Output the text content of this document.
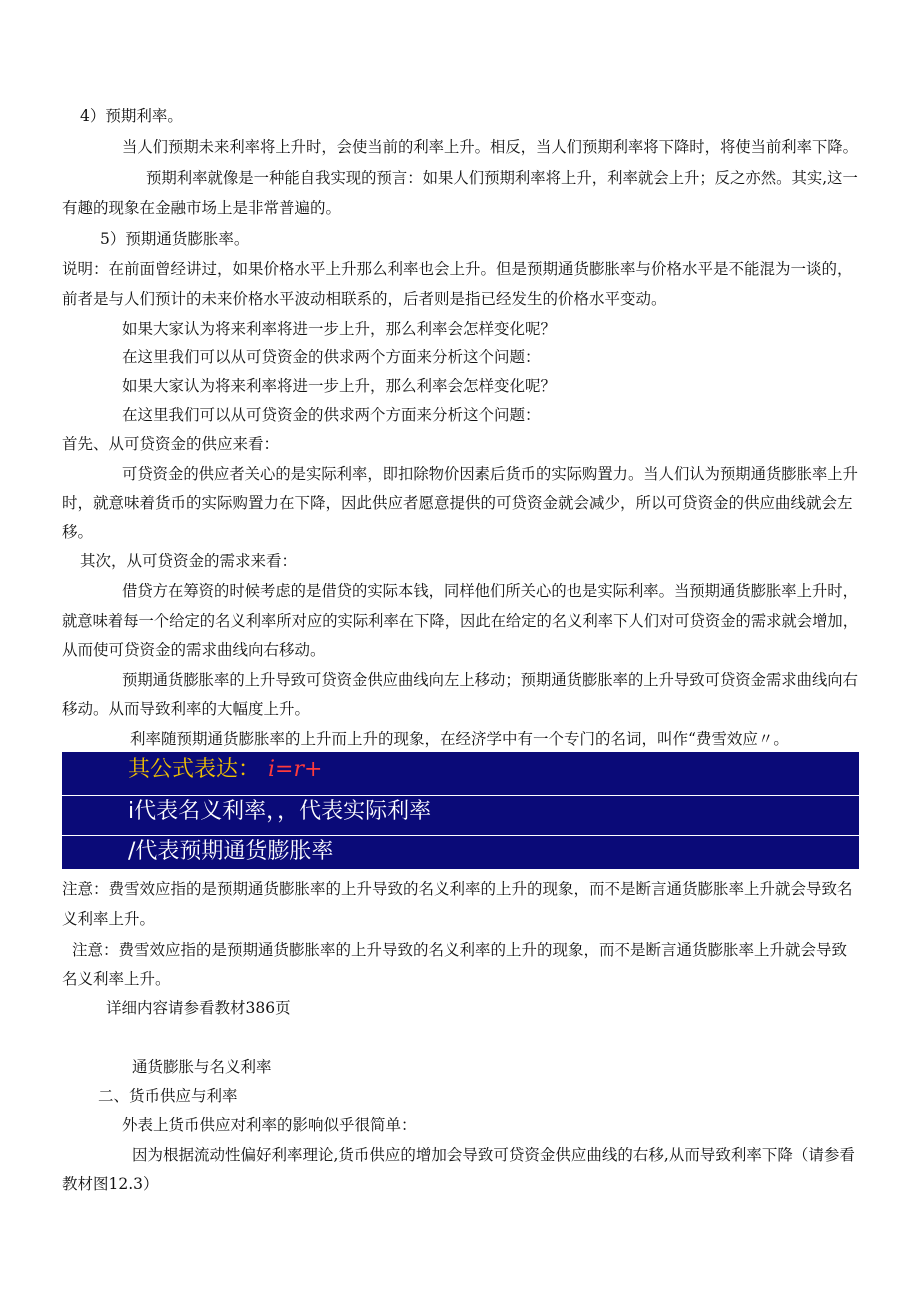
4）预期利率。
当人们预期未来利率将上升时，会使当前的利率上升。相反，当人们预期利率将下降时，将使当前利率下降。
预期利率就像是一种能自我实现的预言：如果人们预期利率将上升，利率就会上升；反之亦然。其实,这一
有趣的现象在金融市场上是非常普遍的。
5）预期通货膨胀率。
说明：在前面曾经讲过，如果价格水平上升那么利率也会上升。但是预期通货膨胀率与价格水平是不能混为一谈的，
前者是与人们预计的未来价格水平波动相联系的，后者则是指已经发生的价格水平变动。
如果大家认为将来利率将进一步上升，那么利率会怎样变化呢？
在这里我们可以从可贷资金的供求两个方面来分析这个问题：
如果大家认为将来利率将进一步上升，那么利率会怎样变化呢？
在这里我们可以从可贷资金的供求两个方面来分析这个问题：
首先、从可贷资金的供应来看：
可贷资金的供应者关心的是实际利率，即扣除物价因素后货币的实际购置力。当人们认为预期通货膨胀率上升
时，就意味着货币的实际购置力在下降，因此供应者愿意提供的可贷资金就会减少，所以可贷资金的供应曲线就会左
移。
其次，从可贷资金的需求来看：
借贷方在筹资的时候考虑的是借贷的实际本钱，同样他们所关心的也是实际利率。当预期通货膨胀率上升时，
就意味着每一个给定的名义利率所对应的实际利率在下降，因此在给定的名义利率下人们对可贷资金的需求就会增加，
从而使可贷资金的需求曲线向右移动。
预期通货膨胀率的上升导致可贷资金供应曲线向左上移动；预期通货膨胀率的上升导致可贷资金需求曲线向右
移动。从而导致利率的大幅度上升。
利率随预期通货膨胀率的上升而上升的现象，在经济学中有一个专门的名词，叫作“费雪效应〃。
其公式表达： i=r+
i代表名义利率，，代表实际利率
/代表预期通货膨胀率
注意：费雪效应指的是预期通货膨胀率的上升导致的名义利率的上升的现象，而不是断言通货膨胀率上升就会导致名
义利率上升。
注意：费雪效应指的是预期通货膨胀率的上升导致的名义利率的上升的现象，而不是断言通货膨胀率上升就会导致
名义利率上升。
详细内容请参看教材386页
通货膨胀与名义利率
二、货币供应与利率
外表上货币供应对利率的影响似乎很简单：
因为根据流动性偏好利率理论,货币供应的增加会导致可贷资金供应曲线的右移,从而导致利率下降（请参看
教材图12.3）
